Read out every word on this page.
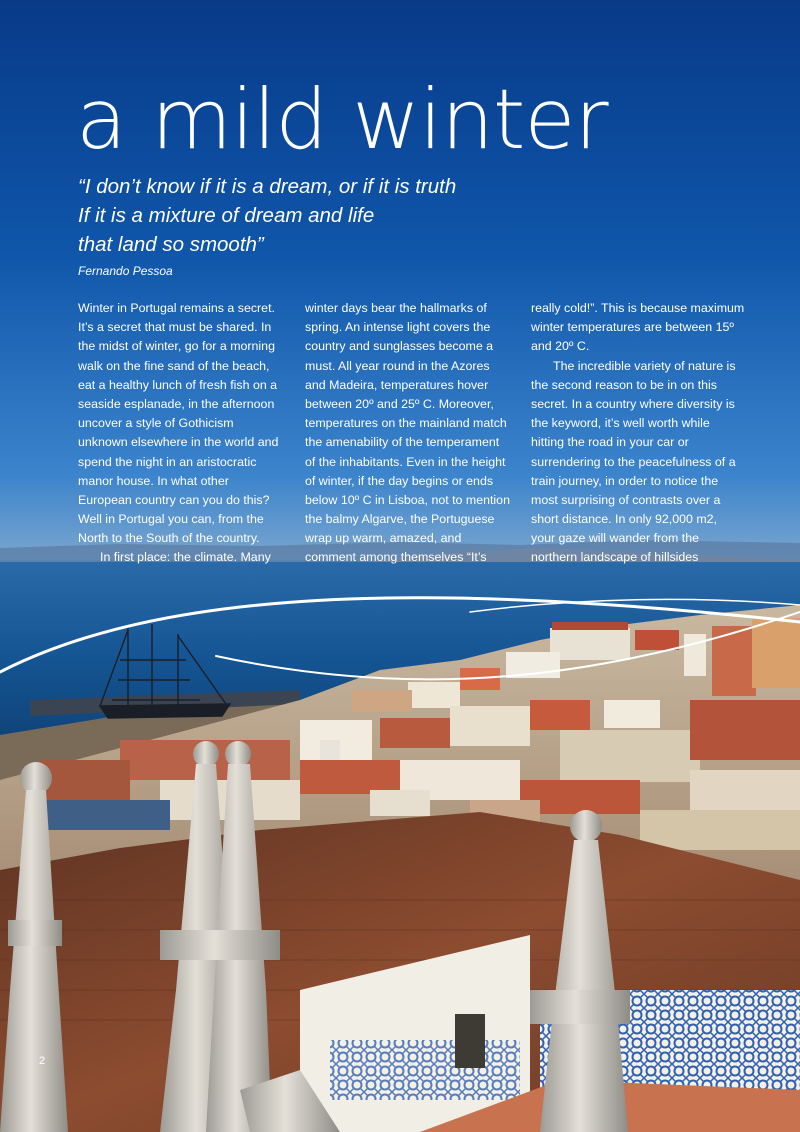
a mild winter

“I don’t know if it is a dream, or if it is truth
If it is a mixture of dream and life
that land so smooth”

Fernando Pessoa

Winter in Portugal remains a secret.
It’s a secret that must be shared. In
the midst of winter, go for a morning
walk on the fine sand of the beach,
eat a healthy lunch of fresh fish on a
seaside esplanade, in the afternoon
uncover a style of Gothicism
unknown elsewhere in the world and
spend the night in an aristocratic
manor house. In what other
European country can you do this?
Well in Portugal you can, from the
North to the South of the country.
In first place: the climate. Many
winter days bear the hallmarks of
spring. An intense light covers the
country and sunglasses become a
must. All year round in the Azores
and Madeira, temperatures hover
between 20º and 25º C. Moreover,
temperatures on the mainland match
the amenability of the temperament
of the inhabitants. Even in the height
of winter, if the day begins or ends
below 10º C in Lisboa, not to mention
the balmy Algarve, the Portuguese
wrap up warm, amazed, and
comment among themselves “It’s
really cold!”. This is because maximum
winter temperatures are between 15º
and 20º C.
The incredible variety of nature is
the second reason to be in on this
secret. In a country where diversity is
the keyword, it’s well worth while
hitting the road in your car or
surrendering to the peacefulness of a
train journey, in order to notice the
most surprising of contrasts over a
short distance. In only 92,000 m2,
your gaze will wander from the
northern landscape of hillsides

2
